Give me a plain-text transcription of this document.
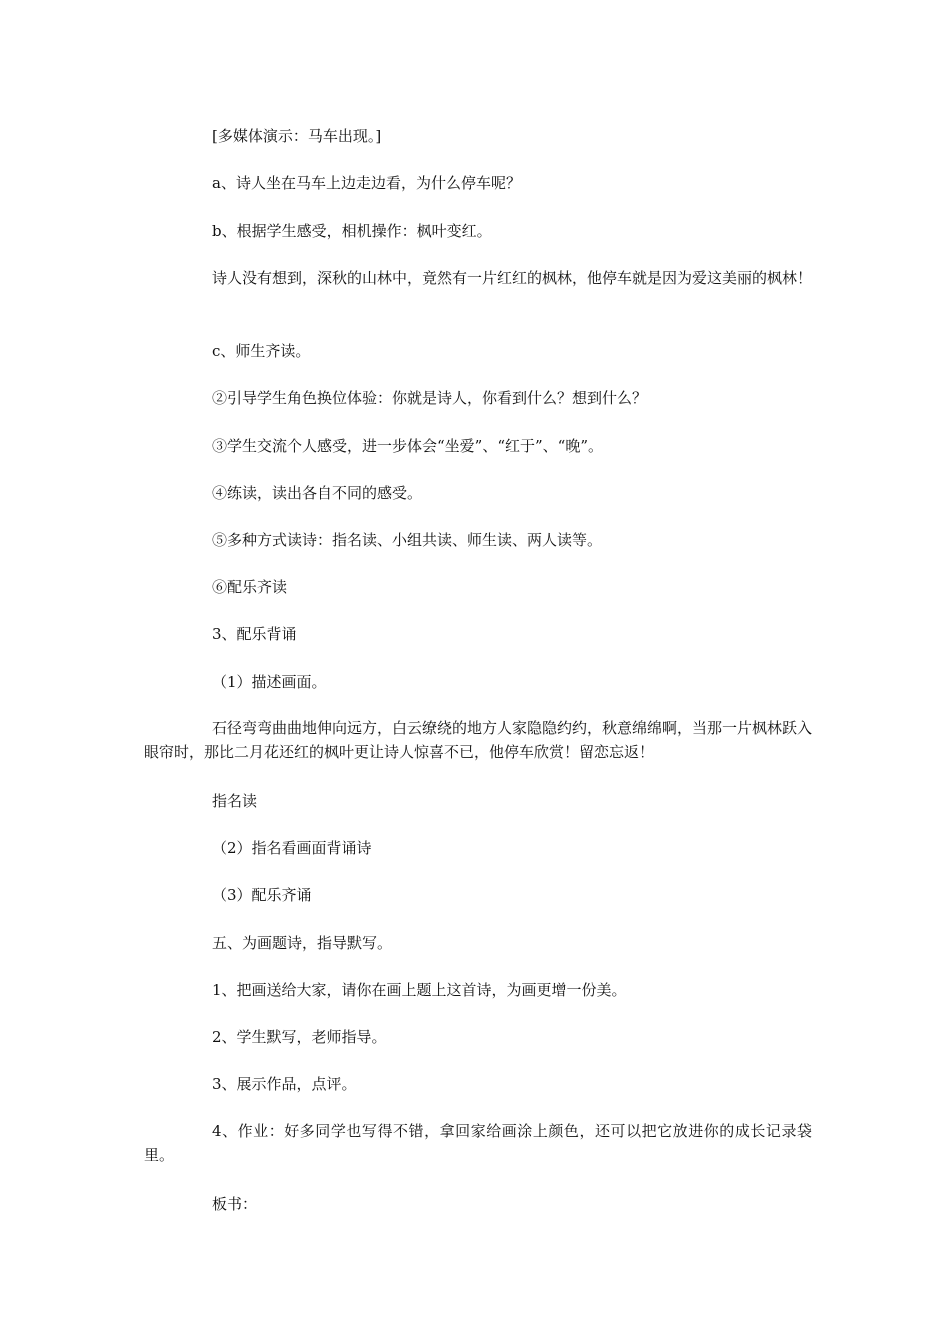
[多媒体演示：马车出现。]

a、诗人坐在马车上边走边看，为什么停车呢？

b、根据学生感受，相机操作：枫叶变红。

诗人没有想到，深秋的山林中，竟然有一片红红的枫林，他停车就是因为爱这美丽的枫林！

c、师生齐读。

②引导学生角色换位体验：你就是诗人，你看到什么？想到什么？

③学生交流个人感受，进一步体会“坐爱”、“红于”、“晚”。

④练读，读出各自不同的感受。

⑤多种方式读诗：指名读、小组共读、师生读、两人读等。

⑥配乐齐读

3、配乐背诵

（1）描述画面。

石径弯弯曲曲地伸向远方，白云缭绕的地方人家隐隐约约，秋意绵绵啊，当那一片枫林跃入眼帘时，那比二月花还红的枫叶更让诗人惊喜不已，他停车欣赏！留恋忘返！

指名读

（2）指名看画面背诵诗

（3）配乐齐诵

五、为画题诗，指导默写。

1、把画送给大家，请你在画上题上这首诗，为画更增一份美。

2、学生默写，老师指导。

3、展示作品，点评。

4、作业：好多同学也写得不错，拿回家给画涂上颜色，还可以把它放进你的成长记录袋里。

板书：
